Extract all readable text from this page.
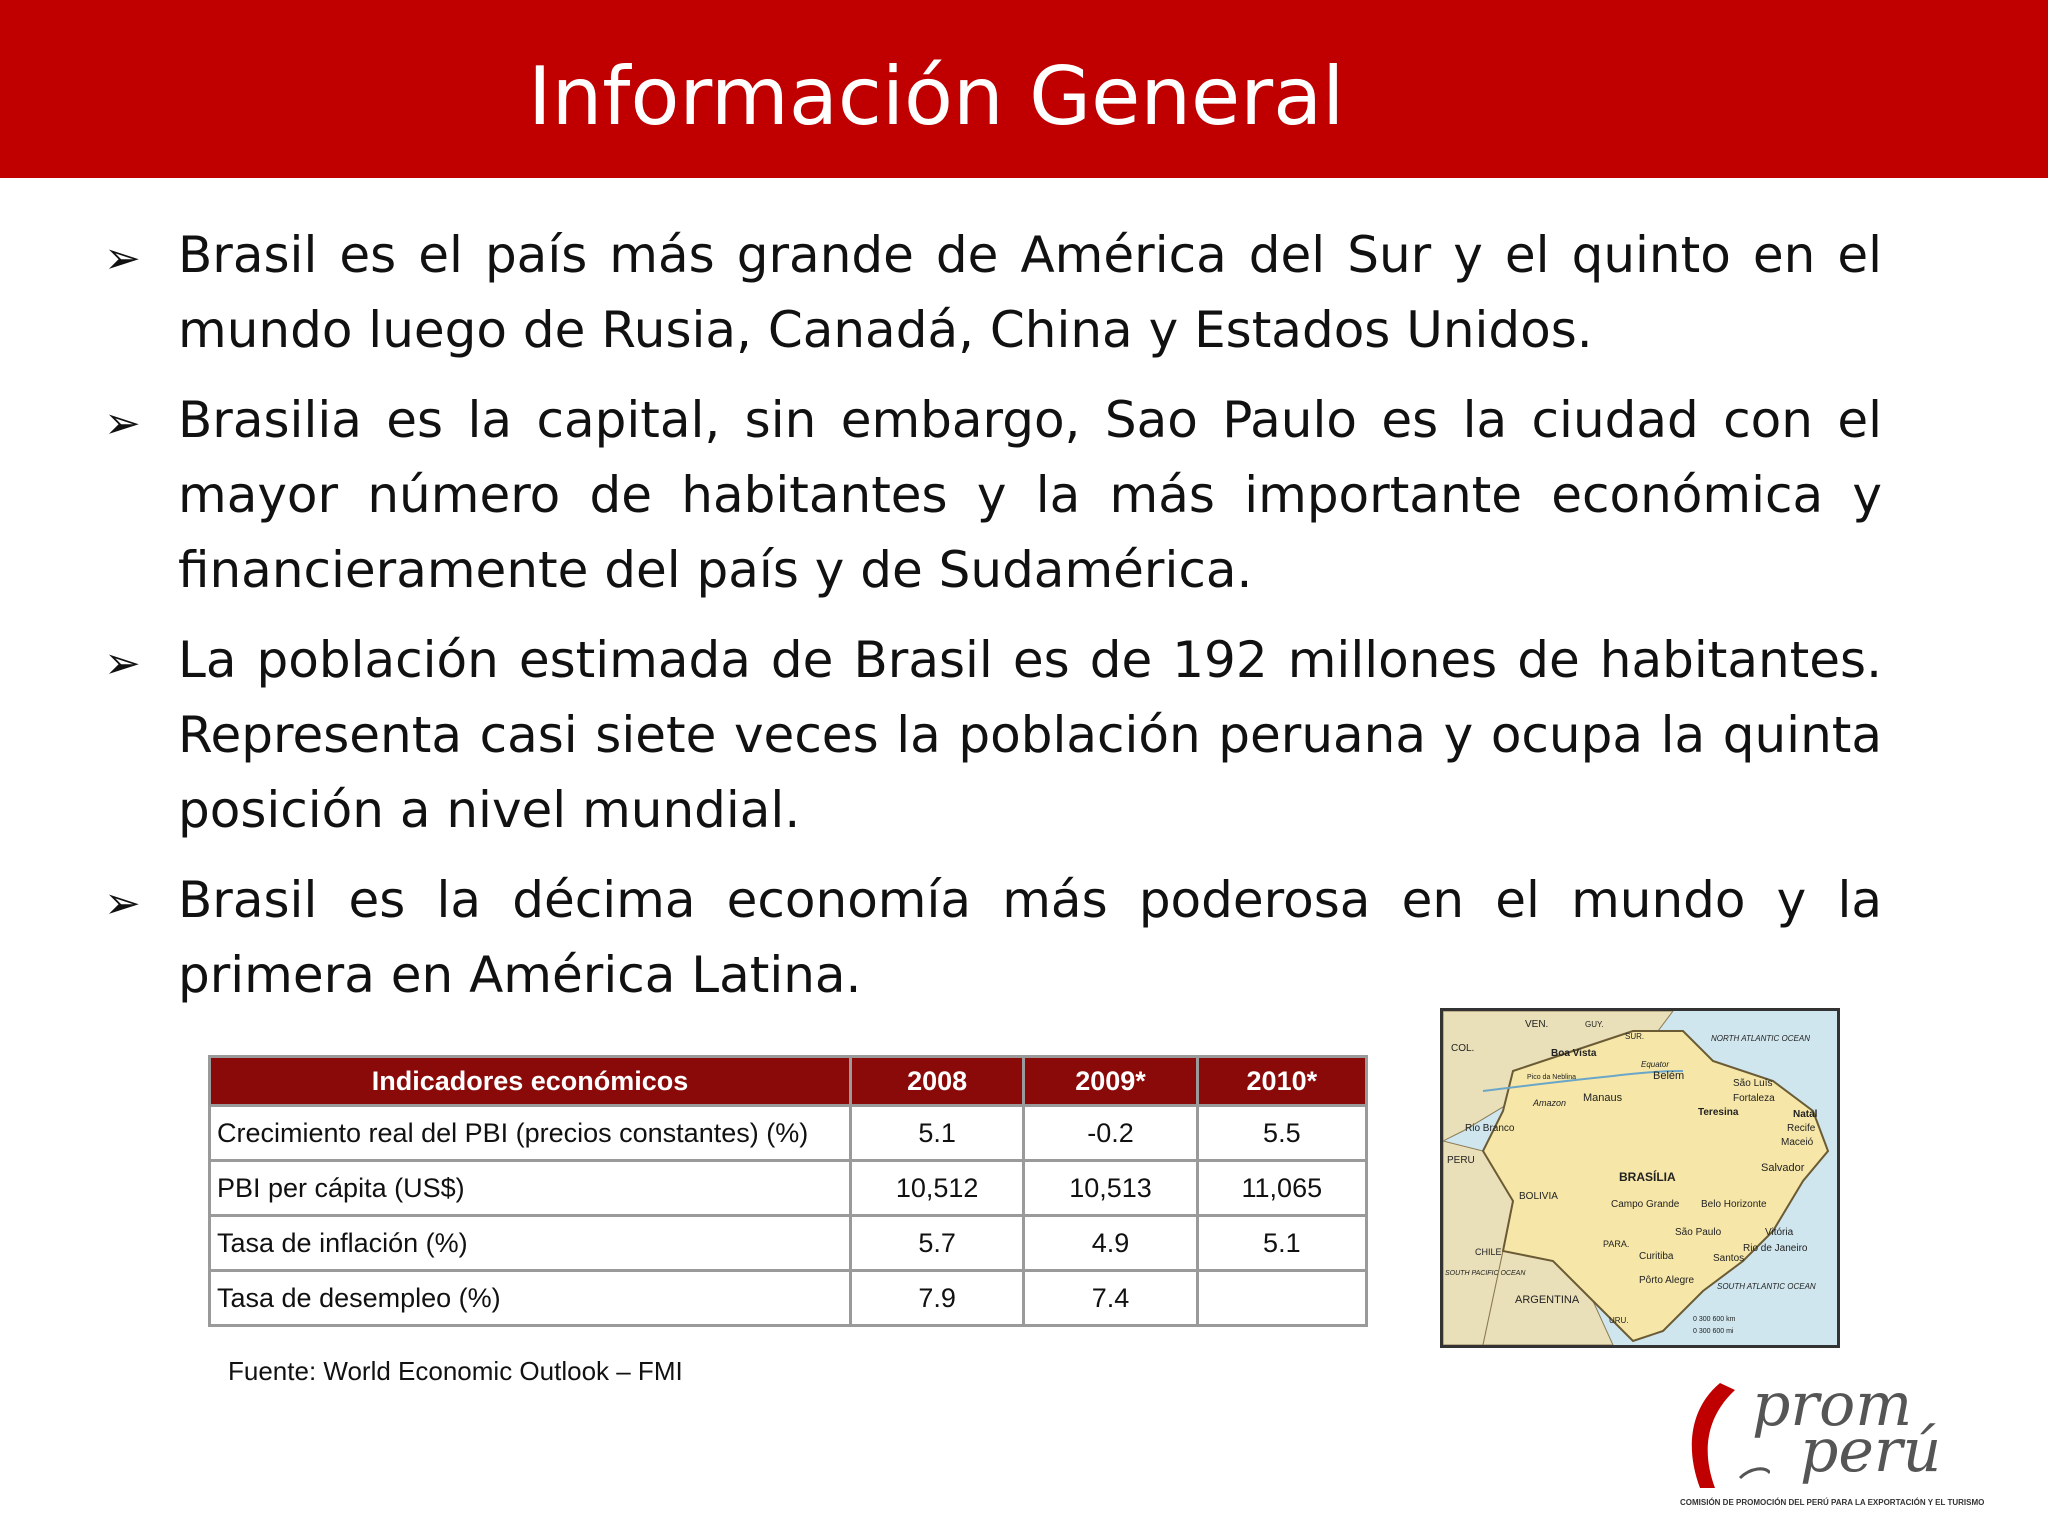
Información General
➢ Brasil es el país más grande de América del Sur y el quinto en el mundo luego de Rusia, Canadá, China y Estados Unidos.
➢ Brasilia es la capital, sin embargo, Sao Paulo es la ciudad con el mayor número de habitantes y la más importante económica y financieramente del país y de Sudamérica.
➢ La población estimada de Brasil es de 192 millones de habitantes. Representa casi siete veces la población peruana y ocupa la quinta posición a nivel mundial.
➢ Brasil es la décima economía más poderosa en el mundo y la primera en América Latina.
Indicadores económicos	2008	2009*	2010*
Crecimiento real del PBI (precios constantes) (%)	5.1	-0.2	5.5
PBI per cápita (US$)	10,512	10,513	11,065
Tasa de inflación (%)	5.7	4.9	5.1
Tasa de desempleo (%)	7.9	7.4	
Fuente: World Economic Outlook – FMI
VEN.	GUY.
SUR.
COL.	Boa Vista
Pico da Neblina
Equator
Amazon
Belém
Manaus
São Luís
Fortaleza
Teresina	Natal
Recife
Maceió
Salvador
Rio Branco
PERU
BRASÍLIA
BOLIVIA
Campo Grande Belo Horizonte
Vitória
São Paulo
Rio de Janeiro
Santos
Curitiba
PARA.
CHILE
Pôrto Alegre
ARGENTINA
URU.
NORTH ATLANTIC OCEAN
SOUTH ATLANTIC OCEAN
SOUTH PACIFIC OCEAN
0 300 600 km
0 300 600 mi
prom
perú
COMISIÓN DE PROMOCIÓN DEL PERÚ PARA LA EXPORTACIÓN Y EL TURISMO
